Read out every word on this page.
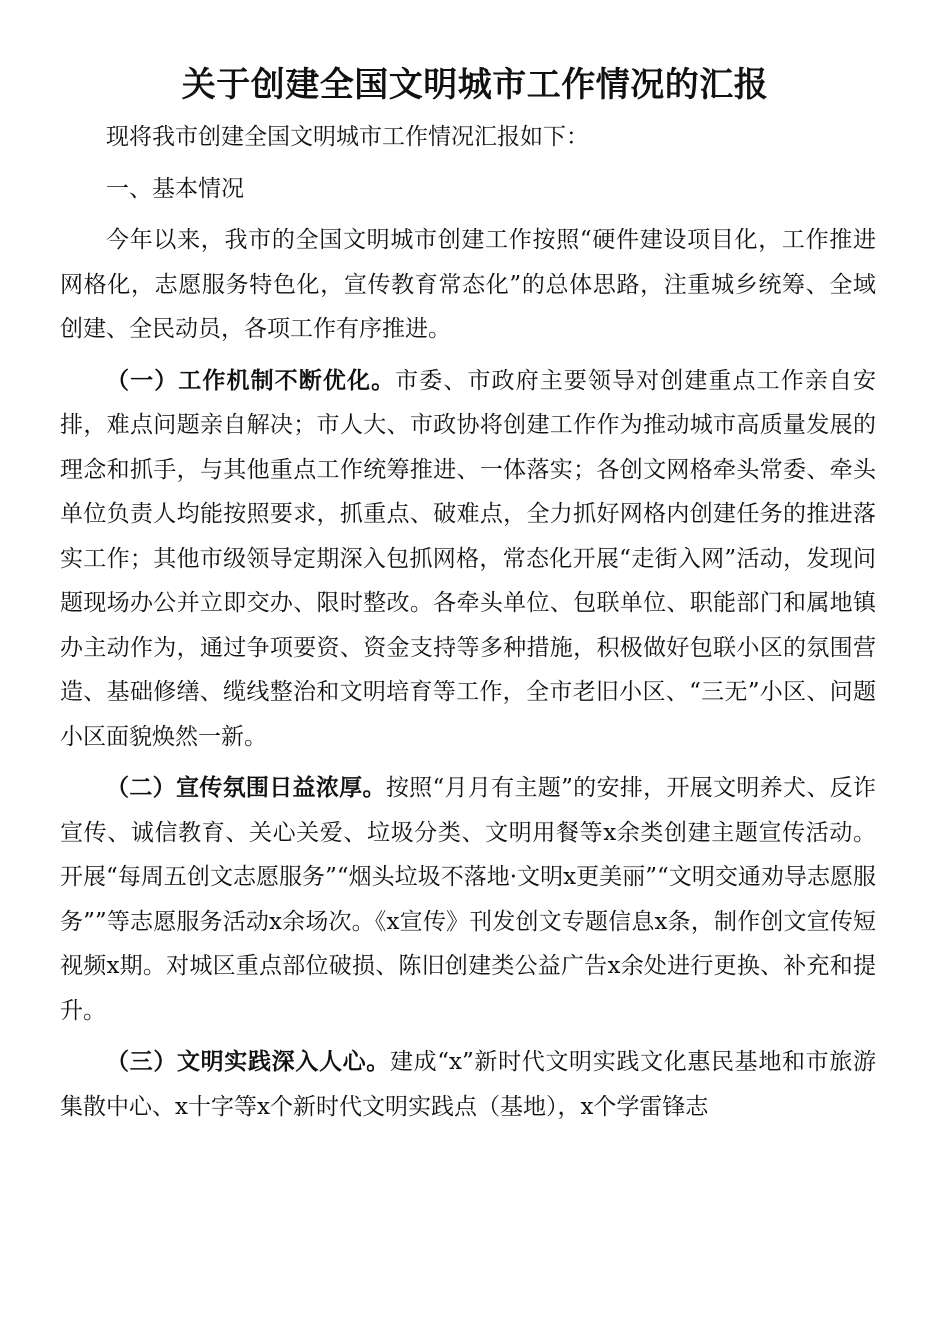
关于创建全国文明城市工作情况的汇报

现将我市创建全国文明城市工作情况汇报如下：

一、基本情况

今年以来，我市的全国文明城市创建工作按照“硬件建设项目化，工作推进网格化，志愿服务特色化，宣传教育常态化”的总体思路，注重城乡统筹、全域创建、全民动员，各项工作有序推进。

（一）工作机制不断优化。市委、市政府主要领导对创建重点工作亲自安排，难点问题亲自解决；市人大、市政协将创建工作作为推动城市高质量发展的理念和抓手，与其他重点工作统筹推进、一体落实；各创文网格牵头常委、牵头单位负责人均能按照要求，抓重点、破难点，全力抓好网格内创建任务的推进落实工作；其他市级领导定期深入包抓网格，常态化开展“走街入网”活动，发现问题现场办公并立即交办、限时整改。各牵头单位、包联单位、职能部门和属地镇办主动作为，通过争项要资、资金支持等多种措施，积极做好包联小区的氛围营造、基础修缮、缆线整治和文明培育等工作，全市老旧小区、“三无”小区、问题小区面貌焕然一新。

（二）宣传氛围日益浓厚。按照“月月有主题”的安排，开展文明养犬、反诈宣传、诚信教育、关心关爱、垃圾分类、文明用餐等x余类创建主题宣传活动。开展“每周五创文志愿服务”“烟头垃圾不落地·文明x更美丽”“文明交通劝导志愿服务””等志愿服务活动x余场次。《x宣传》刊发创文专题信息x条，制作创文宣传短视频x期。对城区重点部位破损、陈旧创建类公益广告x余处进行更换、补充和提升。

（三）文明实践深入人心。建成“x”新时代文明实践文化惠民基地和市旅游集散中心、x十字等x个新时代文明实践点（基地），x个学雷锋志
